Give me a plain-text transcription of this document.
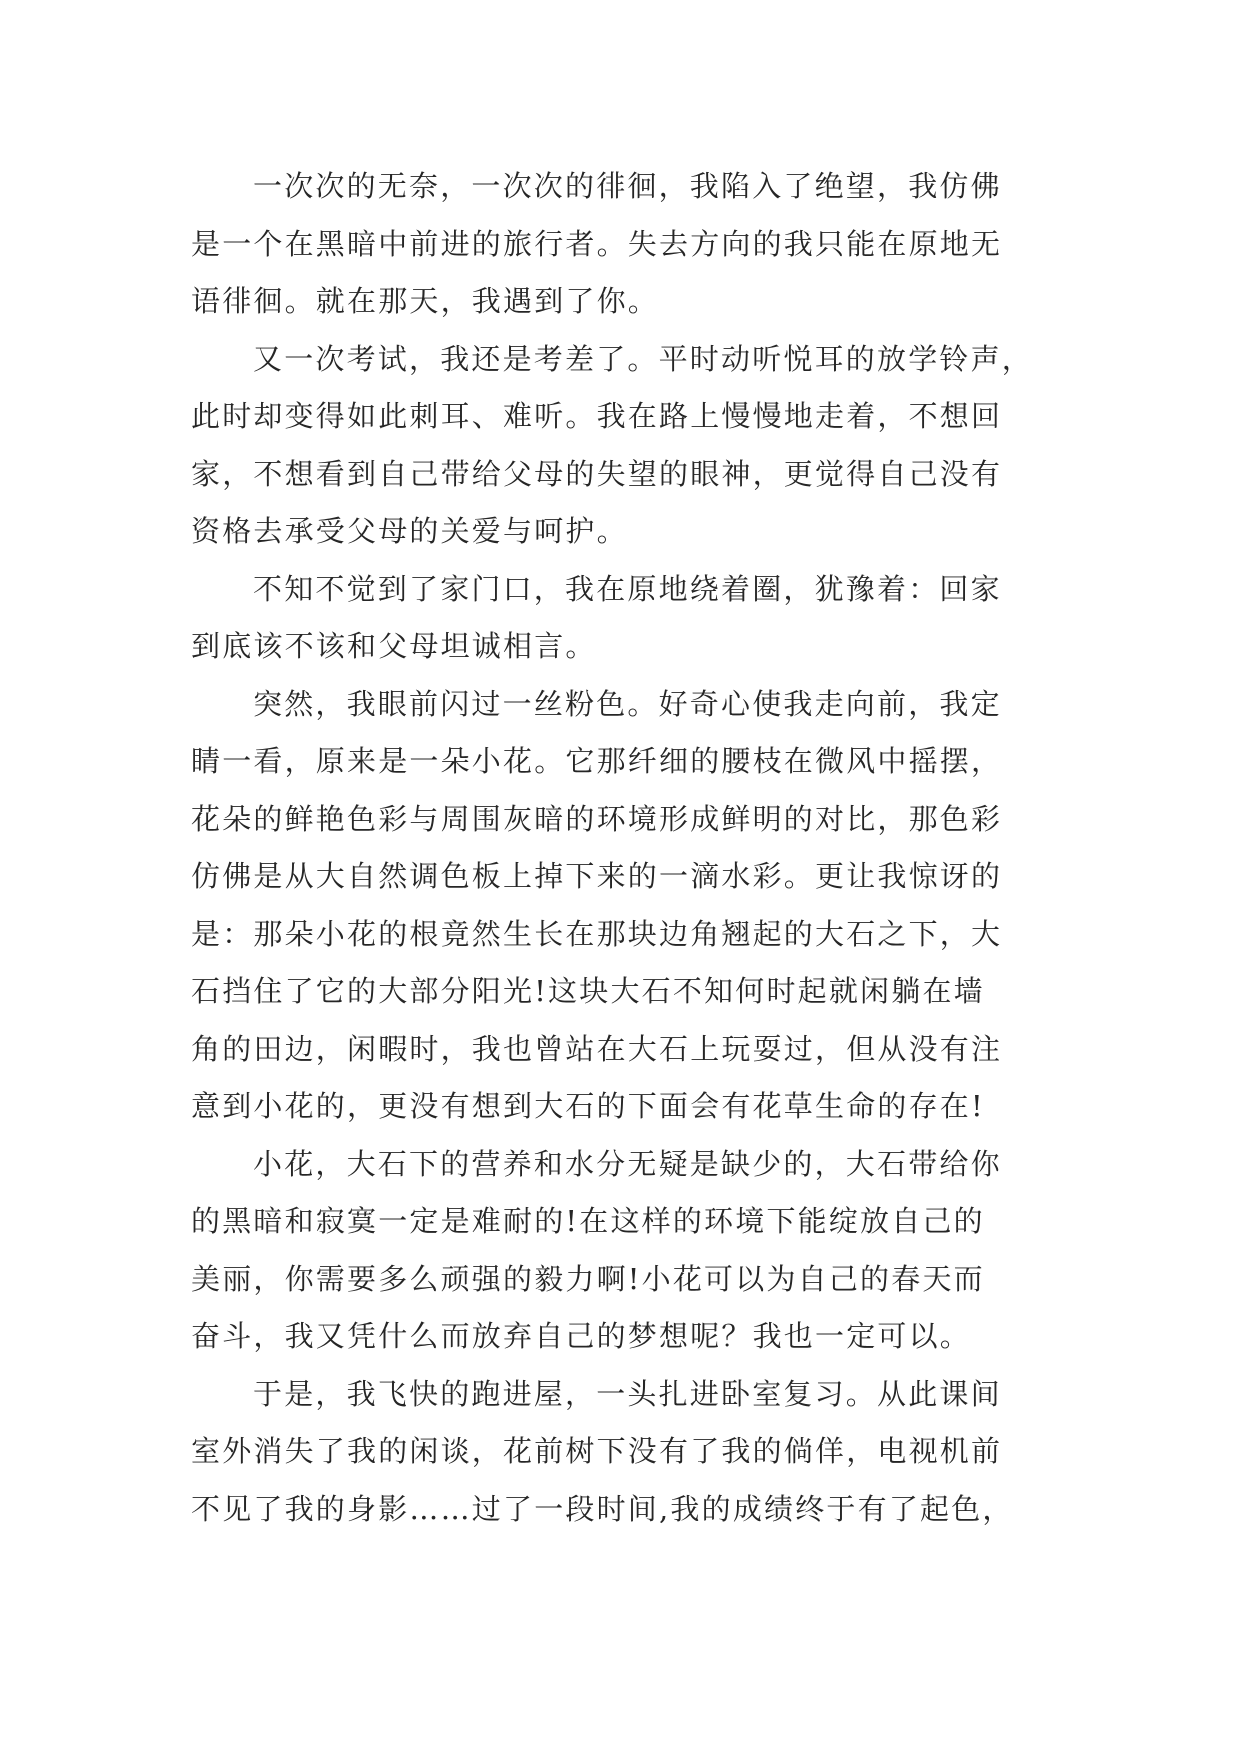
一次次的无奈，一次次的徘徊，我陷入了绝望，我仿佛
是一个在黑暗中前进的旅行者。失去方向的我只能在原地无
语徘徊。就在那天，我遇到了你。

又一次考试，我还是考差了。平时动听悦耳的放学铃声，
此时却变得如此刺耳、难听。我在路上慢慢地走着，不想回
家，不想看到自己带给父母的失望的眼神，更觉得自己没有
资格去承受父母的关爱与呵护。

不知不觉到了家门口，我在原地绕着圈，犹豫着：回家
到底该不该和父母坦诚相言。

突然，我眼前闪过一丝粉色。好奇心使我走向前，我定
睛一看，原来是一朵小花。它那纤细的腰枝在微风中摇摆，
花朵的鲜艳色彩与周围灰暗的环境形成鲜明的对比，那色彩
仿佛是从大自然调色板上掉下来的一滴水彩。更让我惊讶的
是：那朵小花的根竟然生长在那块边角翘起的大石之下，大
石挡住了它的大部分阳光!这块大石不知何时起就闲躺在墙
角的田边，闲暇时，我也曾站在大石上玩耍过，但从没有注
意到小花的，更没有想到大石的下面会有花草生命的存在!

小花，大石下的营养和水分无疑是缺少的，大石带给你
的黑暗和寂寞一定是难耐的!在这样的环境下能绽放自己的
美丽，你需要多么顽强的毅力啊!小花可以为自己的春天而
奋斗，我又凭什么而放弃自己的梦想呢？我也一定可以。

于是，我飞快的跑进屋，一头扎进卧室复习。从此课间
室外消失了我的闲谈，花前树下没有了我的倘佯，电视机前
不见了我的身影……过了一段时间,我的成绩终于有了起色，
